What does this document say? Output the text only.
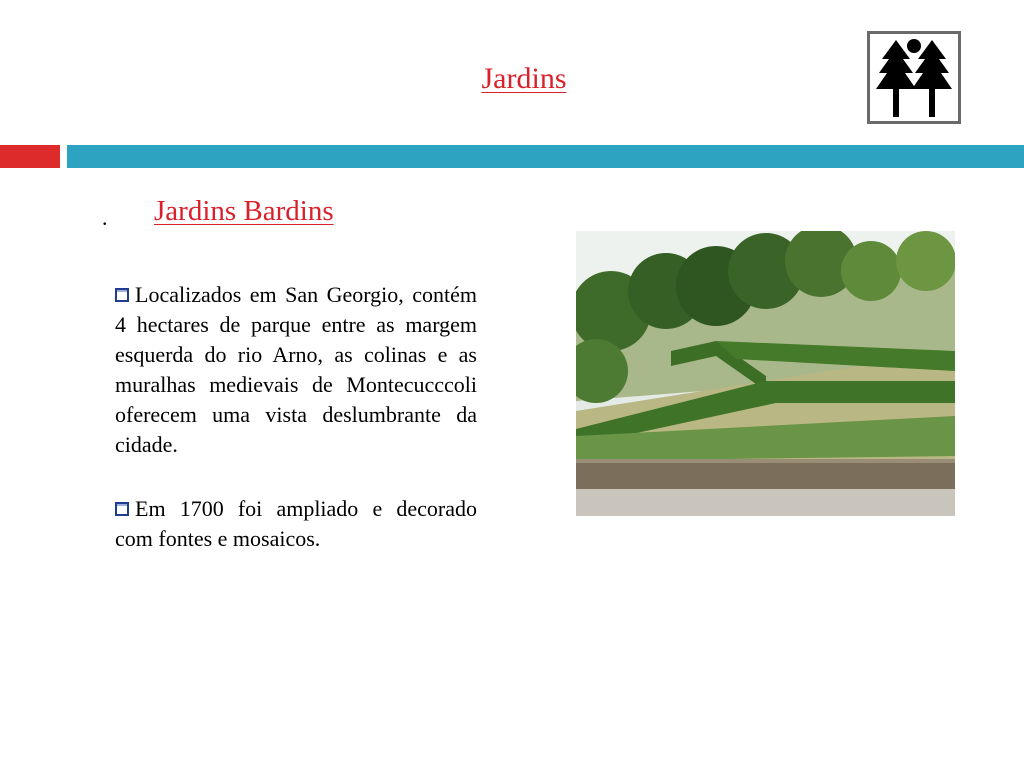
Jardins
. Jardins Bardins

Localizados em San Georgio, contém 4 hectares de parque entre as margem esquerda do rio Arno, as colinas e as muralhas medievais de Montecucccoli oferecem uma vista deslumbrante da cidade.

Em 1700 foi ampliado e decorado com fontes e mosaicos.
